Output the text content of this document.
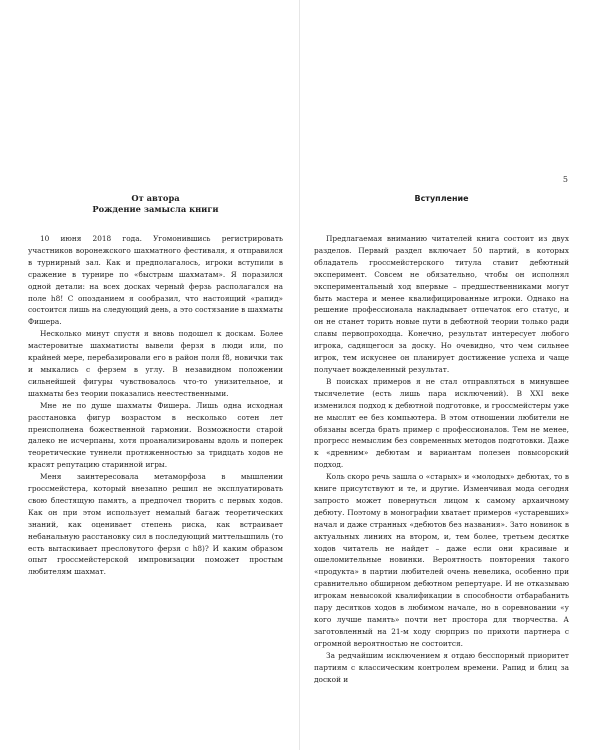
5
От автора
Рождение замысла книги

10 июня 2018 года. Угомонившись регистрировать участников воронежского шахматного фестиваля, я отправился в турнирный зал. Как и предполагалось, игроки вступили в сражение в турнире по «быстрым шахматам». Я поразился одной детали: на всех досках черный ферзь располагался на поле h8! С опозданием я сообразил, что настоящий «рапид» состоится лишь на следующий день, а это состязание в шахматы Фишера.

Несколько минут спустя я вновь подошел к доскам. Более мастеровитые шахматисты вывели ферзя в люди или, по крайней мере, перебазировали его в район поля f8, новички так и мыкались с ферзем в углу. В незавидном положении сильнейшей фигуры чувствовалось что-то унизительное, и шахматы без теории показались неестественными.

Мне не по душе шахматы Фишера. Лишь одна исходная расстановка фигур возрастом в несколько сотен лет преисполнена божественной гармонии. Возможности старой далеко не исчерпаны, хотя проанализированы вдоль и поперек теоретические туннели протяженностью за тридцать ходов не красят репутацию старинной игры.

Меня заинтересовала метаморфоза в мышлении гроссмейстера, который внезапно решил не эксплуатировать свою блестящую память, а предпочел творить с первых ходов. Как он при этом использует немалый багаж теоретических знаний, как оценивает степень риска, как встраивает небанальную расстановку сил в последующий миттельшпиль (то есть вытаскивает пресловутого ферзя с h8)? И каким образом опыт гроссмейстерской импровизации поможет простым любителям шахмат.

Вступление

Предлагаемая вниманию читателей книга состоит из двух разделов. Первый раздел включает 50 партий, в которых обладатель гроссмейстерского титула ставит дебютный эксперимент. Совсем не обязательно, чтобы он исполнял экспериментальный ход впервые – предшественниками могут быть мастера и менее квалифицированные игроки. Однако на решение профессионала накладывает отпечаток его статус, и он не станет торить новые пути в дебютной теории только ради славы первопроходца. Конечно, результат интересует любого игрока, садящегося за доску. Но очевидно, что чем сильнее игрок, тем искуснее он планирует достижение успеха и чаще получает вожделенный результат.

В поисках примеров я не стал отправляться в минувшее тысячелетие (есть лишь пара исключений). В XXI веке изменился подход к дебютной подготовке, и гроссмейстеры уже не мыслят ее без компьютера. В этом отношении любители не обязаны всегда брать пример с профессионалов. Тем не менее, прогресс немыслим без современных методов подготовки. Даже к «древним» дебютам и вариантам полезен повысорский подход.

Коль скоро речь зашла о «старых» и «молодых» дебютах, то в книге присутствуют и те, и другие. Изменчивая мода сегодня запросто может повернуться лицом к самому архаичному дебюту. Поэтому в монографии хватает примеров «устаревших» начал и даже странных «дебютов без названия». Зато новинок в актуальных линиях на втором, и, тем более, третьем десятке ходов читатель не найдет – даже если они красивые и ошеломительные новинки. Вероятность повторения такого «продукта» в партии любителей очень невелика, особенно при сравнительно обширном дебютном репертуаре. И не отказываю игрокам невысокой квалификации в способности отбарабанить пару десятков ходов в любимом начале, но в соревновании «у кого лучше память» почти нет простора для творчества. А заготовленный на 21-м ходу сюрприз по прихоти партнера с огромной вероятностью не состоится.

За редчайшим исключением я отдаю бесспорный приоритет партиям с классическим контролем времени. Рапид и блиц за доской и
